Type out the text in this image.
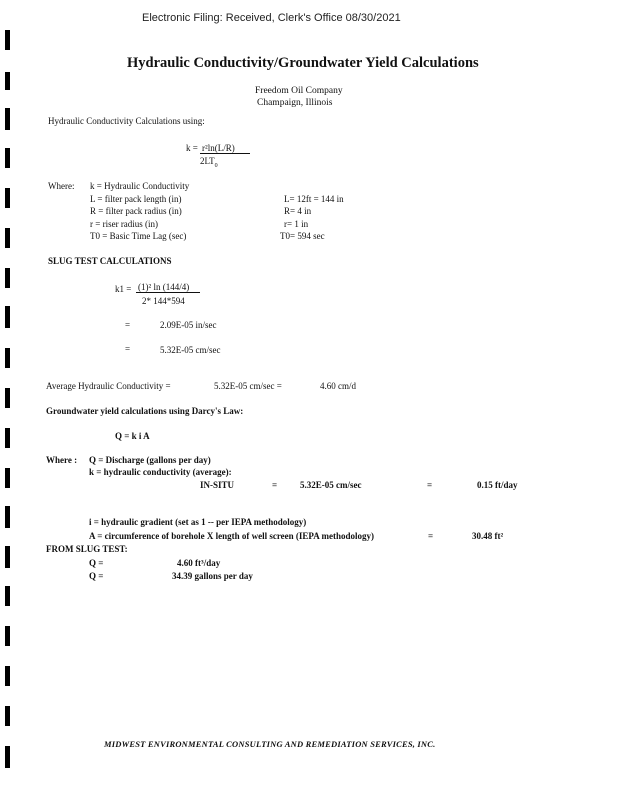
Electronic Filing: Received, Clerk's Office 08/30/2021
Hydraulic Conductivity/Groundwater Yield Calculations
Freedom Oil Company
Champaign, Illinois
Hydraulic Conductivity Calculations using:
k = r²ln(L/R)
$2LT_0$
Where: k = Hydraulic Conductivity
L = filter pack length (in)	L= 12ft = 144 in
R = filter pack radius (in)	R= 4 in
r = riser radius (in)	r= 1 in
T0 = Basic Time Lag (sec)	T0= 594 sec
SLUG TEST CALCULATIONS
k1 = (1)² ln (144/4)
2* 144*594
=	2.09E-05 in/sec
=	5.32E-05 cm/sec
Average Hydraulic Conductivity =	5.32E-05 cm/sec =	4.60 cm/d
Groundwater yield calculations using Darcy's Law:
Q = k i A
Where : Q = Discharge (gallons per day)
k = hydraulic conductivity (average):
IN-SITU	=	5.32E-05 cm/sec	=	0.15 ft/day
i = hydraulic gradient (set as 1 -- per IEPA methodology)
A = circumference of borehole X length of well screen (IEPA methodology)	=	30.48 ft²
FROM SLUG TEST:
Q =	4.60 ft³/day
Q =	34.39 gallons per day
MIDWEST ENVIRONMENTAL CONSULTING AND REMEDIATION SERVICES, INC.
